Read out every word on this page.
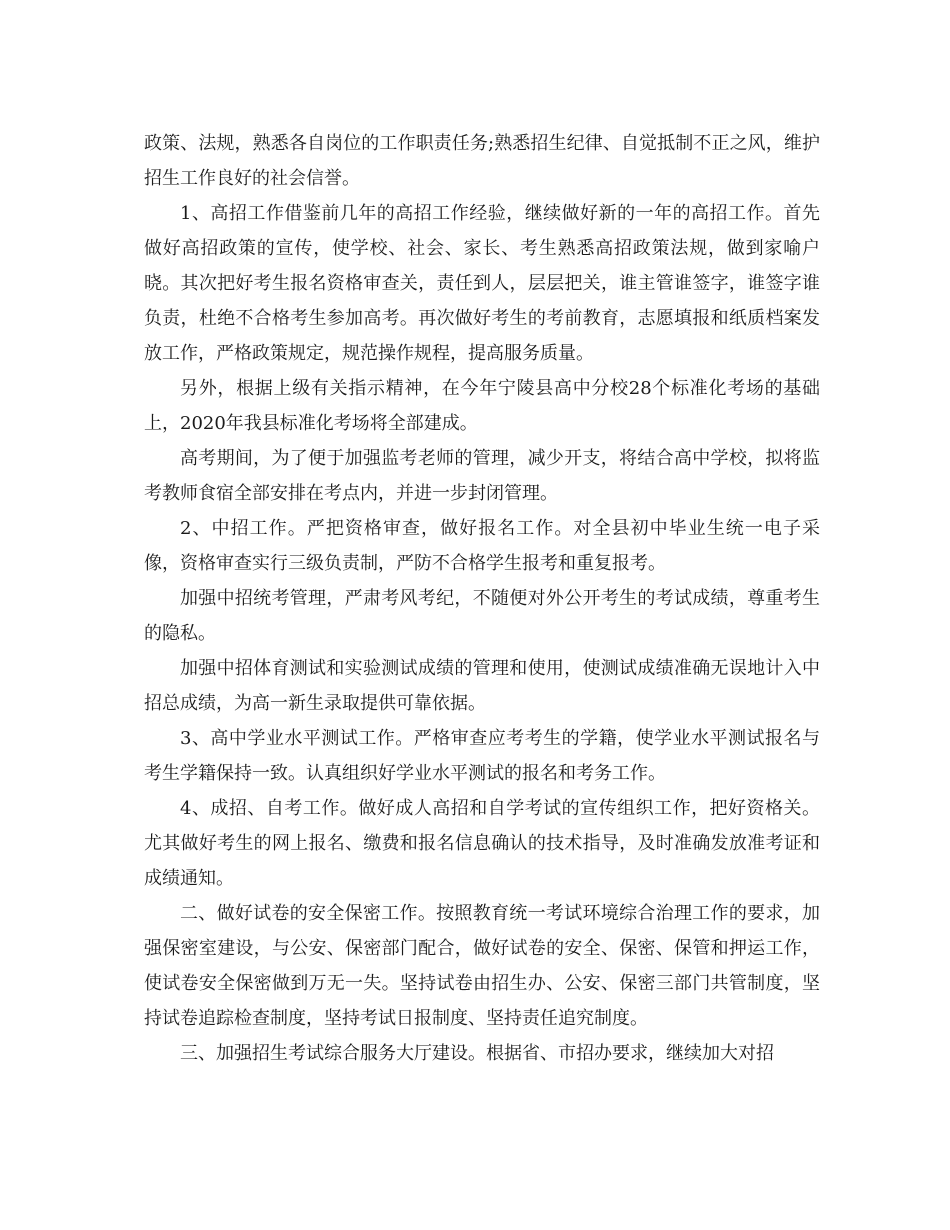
政策、法规，熟悉各自岗位的工作职责任务;熟悉招生纪律、自觉抵制不正之风，维护招生工作良好的社会信誉。

1、高招工作借鉴前几年的高招工作经验，继续做好新的一年的高招工作。首先做好高招政策的宣传，使学校、社会、家长、考生熟悉高招政策法规，做到家喻户晓。其次把好考生报名资格审查关，责任到人，层层把关，谁主管谁签字，谁签字谁负责，杜绝不合格考生参加高考。再次做好考生的考前教育，志愿填报和纸质档案发放工作，严格政策规定，规范操作规程，提高服务质量。

另外，根据上级有关指示精神，在今年宁陵县高中分校28个标准化考场的基础上，2020年我县标准化考场将全部建成。

高考期间，为了便于加强监考老师的管理，减少开支，将结合高中学校，拟将监考教师食宿全部安排在考点内，并进一步封闭管理。

2、中招工作。严把资格审查，做好报名工作。对全县初中毕业生统一电子采像，资格审查实行三级负责制，严防不合格学生报考和重复报考。

加强中招统考管理，严肃考风考纪，不随便对外公开考生的考试成绩，尊重考生的隐私。

加强中招体育测试和实验测试成绩的管理和使用，使测试成绩准确无误地计入中招总成绩，为高一新生录取提供可靠依据。

3、高中学业水平测试工作。严格审查应考考生的学籍，使学业水平测试报名与考生学籍保持一致。认真组织好学业水平测试的报名和考务工作。

4、成招、自考工作。做好成人高招和自学考试的宣传组织工作，把好资格关。尤其做好考生的网上报名、缴费和报名信息确认的技术指导，及时准确发放准考证和成绩通知。

二、做好试卷的安全保密工作。按照教育统一考试环境综合治理工作的要求，加强保密室建设，与公安、保密部门配合，做好试卷的安全、保密、保管和押运工作，使试卷安全保密做到万无一失。坚持试卷由招生办、公安、保密三部门共管制度，坚持试卷追踪检查制度，坚持考试日报制度、坚持责任追究制度。

三、加强招生考试综合服务大厅建设。根据省、市招办要求，继续加大对招
